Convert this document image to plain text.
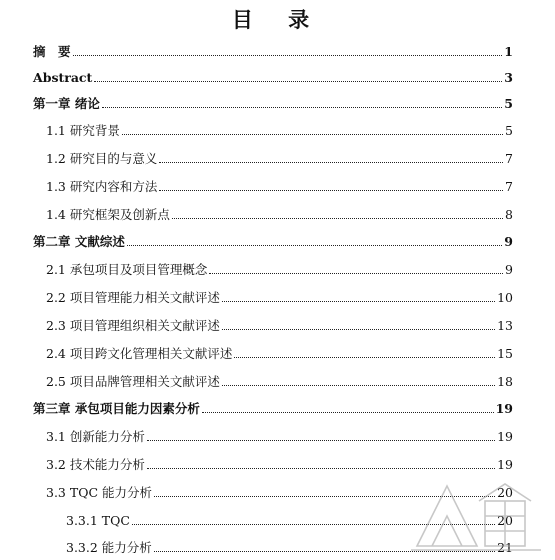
目 录
摘　要	1
Abstract	3
第一章 绪论	5
1.1 研究背景	5
1.2 研究目的与意义	7
1.3 研究内容和方法	7
1.4 研究框架及创新点	8
第二章 文献综述	9
2.1 承包项目及项目管理概念	9
2.2 项目管理能力相关文献评述	10
2.3 项目管理组织相关文献评述	13
2.4 项目跨文化管理相关文献评述	15
2.5 项目品牌管理相关文献评述	18
第三章 承包项目能力因素分析	19
3.1 创新能力分析	19
3.2 技术能力分析	19
3.3 TQC 能力分析	20
3.3.1 TQC	20
3.3.2 能力分析	21
